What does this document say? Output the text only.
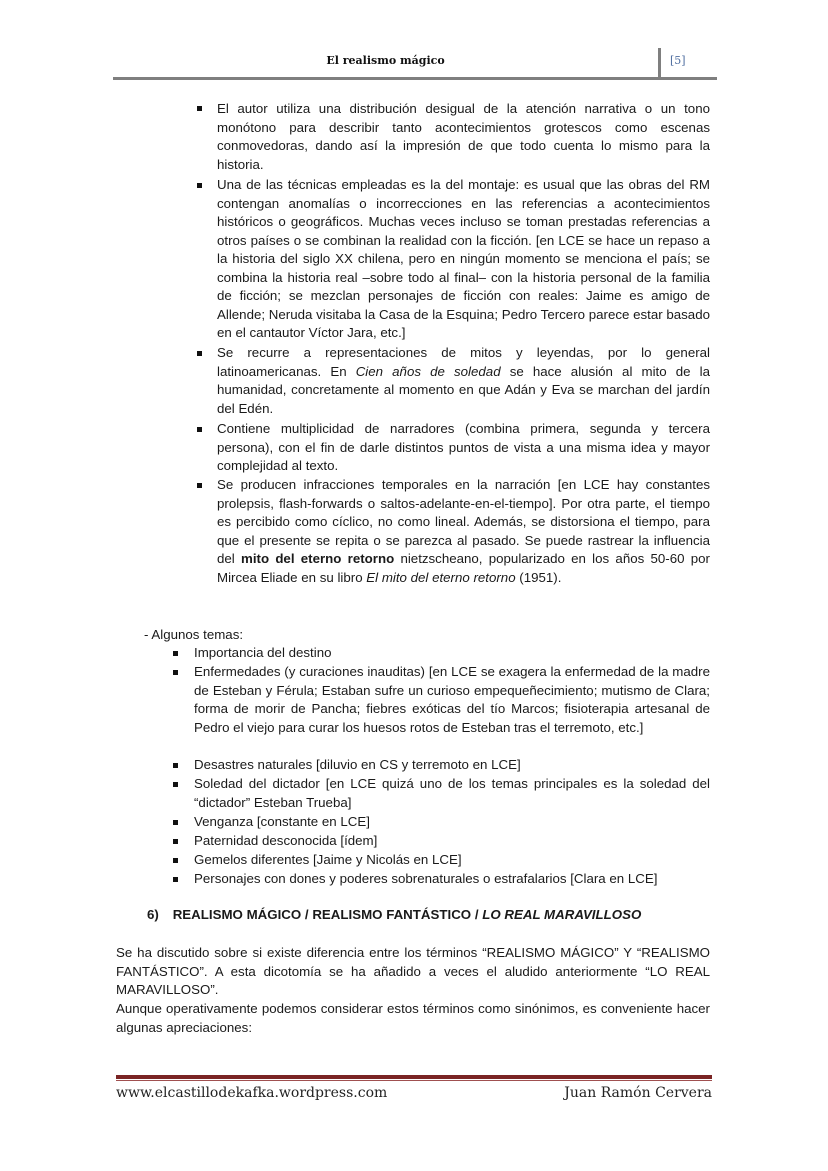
El realismo mágico	[5]
El autor utiliza una distribución desigual de la atención narrativa o un tono monótono para describir tanto acontecimientos grotescos como escenas conmovedoras, dando así la impresión de que todo cuenta lo mismo para la historia.
Una de las técnicas empleadas es la del montaje: es usual que las obras del RM contengan anomalías o incorrecciones en las referencias a acontecimientos históricos o geográficos. Muchas veces incluso se toman prestadas referencias a otros países o se combinan la realidad con la ficción. [en LCE se hace un repaso a la historia del siglo XX chilena, pero en ningún momento se menciona el país; se combina la historia real –sobre todo al final– con la historia personal de la familia de ficción; se mezclan personajes de ficción con reales: Jaime es amigo de Allende; Neruda visitaba la Casa de la Esquina; Pedro Tercero parece estar basado en el cantautor Víctor Jara, etc.]
Se recurre a representaciones de mitos y leyendas, por lo general latinoamericanas. En Cien años de soledad se hace alusión al mito de la humanidad, concretamente al momento en que Adán y Eva se marchan del jardín del Edén.
Contiene multiplicidad de narradores (combina primera, segunda y tercera persona), con el fin de darle distintos puntos de vista a una misma idea y mayor complejidad al texto.
Se producen infracciones temporales en la narración [en LCE hay constantes prolepsis, flash-forwards o saltos-adelante-en-el-tiempo]. Por otra parte, el tiempo es percibido como cíclico, no como lineal. Además, se distorsiona el tiempo, para que el presente se repita o se parezca al pasado. Se puede rastrear la influencia del mito del eterno retorno nietzscheano, popularizado en los años 50-60 por Mircea Eliade en su libro El mito del eterno retorno (1951).
- Algunos temas:
Importancia del destino
Enfermedades (y curaciones inauditas) [en LCE se exagera la enfermedad de la madre de Esteban y Férula; Estaban sufre un curioso empequeñecimiento; mutismo de Clara; forma de morir de Pancha; fiebres exóticas del tío Marcos; fisioterapia artesanal de Pedro el viejo para curar los huesos rotos de Esteban tras el terremoto, etc.]
Desastres naturales [diluvio en CS y terremoto en LCE]
Soledad del dictador [en LCE quizá uno de los temas principales es la soledad del “dictador” Esteban Trueba]
Venganza [constante en LCE]
Paternidad desconocida [ídem]
Gemelos diferentes [Jaime y Nicolás en LCE]
Personajes con dones y poderes sobrenaturales o estrafalarios [Clara en LCE]
6) REALISMO MÁGICO / REALISMO FANTÁSTICO / LO REAL MARAVILLOSO
Se ha discutido sobre si existe diferencia entre los términos “REALISMO MÁGICO” Y “REALISMO FANTÁSTICO”. A esta dicotomía se ha añadido a veces el aludido anteriormente “LO REAL MARAVILLOSO”.
Aunque operativamente podemos considerar estos términos como sinónimos, es conveniente hacer algunas apreciaciones:
www.elcastillodekafka.wordpress.com	Juan Ramón Cervera
